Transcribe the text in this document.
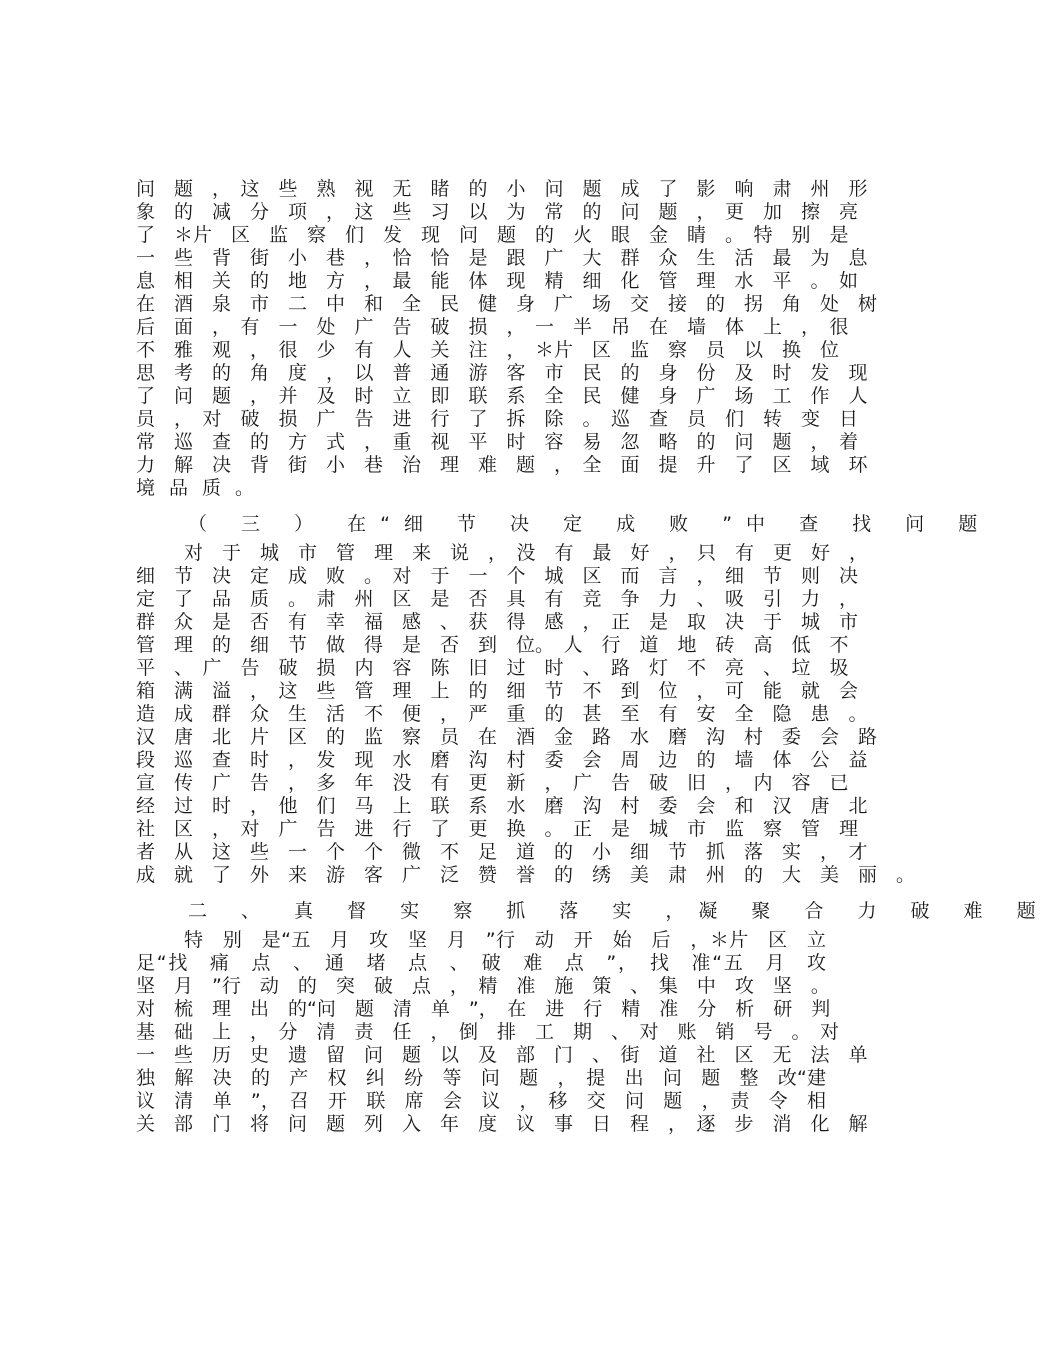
问　题　，　这　些　熟　视　无　睹　的　小　问　题　成　了　影　响　肃　州　形
象　的　减　分　项　，　这　些　习　以　为　常　的　问　题　，　更　加　擦　亮
了　＊片　区　监　察　们　发　现　问　题　的　火　眼　金　睛　。　特　别　是
一　些　背　街　小　巷　，　恰　恰　是　跟　广　大　群　众　生　活　最　为　息
息　相　关　的　地　方　，　最　能　体　现　精　细　化　管　理　水　平　。　如
在　酒　泉　市　二　中　和　全　民　健　身　广　场　交　接　的　拐　角　处　树
后　面　，　有　一　处　广　告　破　损　，　一　半　吊　在　墙　体　上　，　很
不　雅　观　，　很　少　有　人　关　注　，　＊片　区　监　察　员　以　换　位
思　考　的　角　度　，　以　普　通　游　客　市　民　的　身　份　及　时　发　现
了　问　题　，　并　及　时　立　即　联　系　全　民　健　身　广　场　工　作　人
员　，　对　破　损　广　告　进　行　了　拆　除　。　巡　查　员　们　转　变　日
常　巡　查　的　方　式　，　重　视　平　时　容　易　忽　略　的　问　题　，　着
力　解　决　背　街　小　巷　治　理　难　题　，　全　面　提　升　了　区　域　环
境品质。
（ 三 ） 在“细 节 决 定 成 败 ”中 查 找 问 题
对　于　城　市　管　理　来　说　，　没　有　最　好　，　只　有　更　好　，
细　节　决　定　成　败　。　对　于　一　个　城　区　而　言　，　细　节　则　决
定　了　品　质　。　肃　州　区　是　否　具　有　竞　争　力　、　吸　引　力　，
群　众　是　否　有　幸　福　感　、　获　得　感　，　正　是　取　决　于　城　市
管　理　的　细　节　做　得　是　否　到　位。　人　行　道　地　砖　高　低　不
平　、　广　告　破　损　内　容　陈　旧　过　时　、　路　灯　不　亮　、　垃　圾
箱　满　溢　，　这　些　管　理　上　的　细　节　不　到　位　，　可　能　就　会
造　成　群　众　生　活　不　便　，　严　重　的　甚　至　有　安　全　隐　患　。
汉　唐　北　片　区　的　监　察　员　在　酒　金　路　水　磨　沟　村　委　会　路
段　巡　查　时　，　发　现　水　磨　沟　村　委　会　周　边　的　墙　体　公　益
宣　传　广　告　，　多　年　没　有　更　新　，　广　告　破　旧　，　内　容　已
经　过　时　，　他　们　马　上　联　系　水　磨　沟　村　委　会　和　汉　唐　北
社　区　，　对　广　告　进　行　了　更　换　。　正　是　城　市　监　察　管　理
者　从　这　些　一　个　个　微　不　足　道　的　小　细　节　抓　落　实　，　才
成　就　了　外　来　游　客　广　泛　赞　誉　的　绣　美　肃　州　的　大　美　丽　。
二 、 真 督 实 察 抓 落 实 ，凝 聚 合 力 破 难 题
特　别　是“五　月　攻　坚　月　”行　动　开　始　后　，＊片　区　立
足“找　痛　点　、　通　堵　点　、　破　难　点　”，　找　准“五　月　攻
坚　月　”行　动　的　突　破　点　，　精　准　施　策　、　集　中　攻　坚　。
对　梳　理　出　的“问　题　清　单　”，　在　进　行　精　准　分　析　研　判
基　础　上　，　分　清　责　任　，　倒　排　工　期　、　对　账　销　号　。　对
一　些　历　史　遗　留　问　题　以　及　部　门　、　街　道　社　区　无　法　单
独　解　决　的　产　权　纠　纷　等　问　题　，　提　出　问　题　整　改“建
议　清　单　”，　召　开　联　席　会　议　，　移　交　问　题　，　责　令　相
关　部　门　将　问　题　列　入　年　度　议　事　日　程　，　逐　步　消　化　解
